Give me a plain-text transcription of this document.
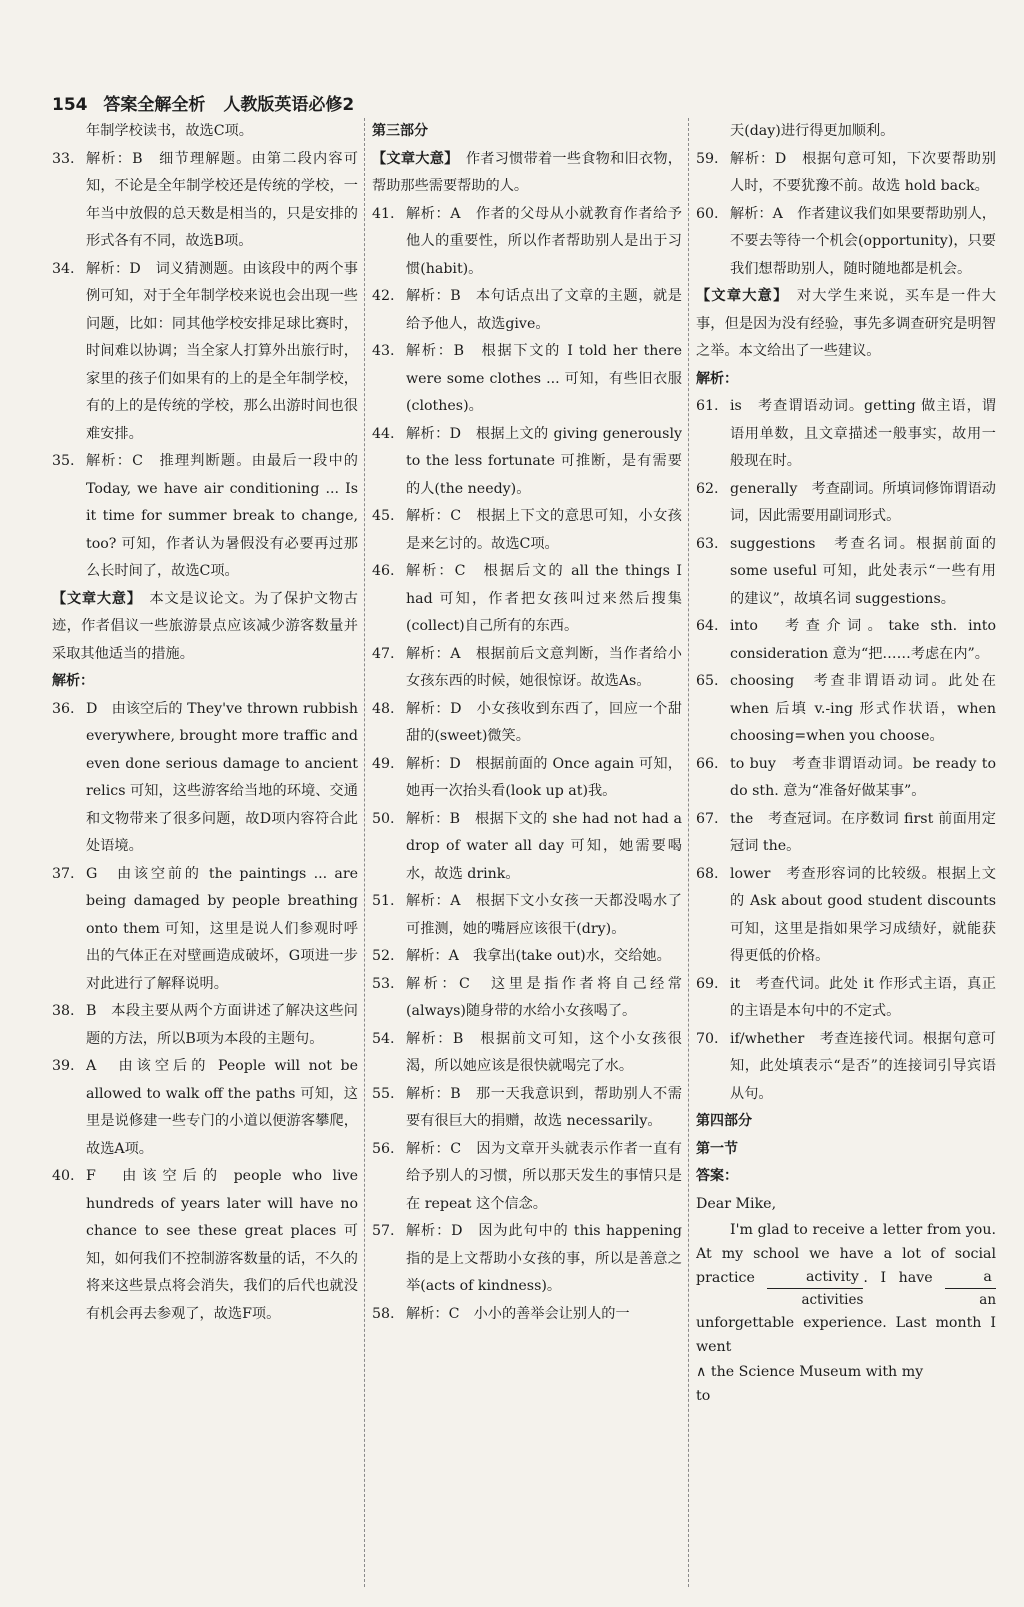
154 答案全解全析 人教版英语必修2

年制学校读书，故选C项。

33. 解析：B　细节理解题。由第二段内容可知，不论是全年制学校还是传统的学校，一年当中放假的总天数是相当的，只是安排的形式各有不同，故选B项。
34. 解析：D　词义猜测题。由该段中的两个事例可知，对于全年制学校来说也会出现一些问题，比如：同其他学校安排足球比赛时，时间难以协调；当全家人打算外出旅行时，家里的孩子们如果有的上的是全年制学校，有的上的是传统的学校，那么出游时间也很难安排。
35. 解析：C　推理判断题。由最后一段中的 Today, we have air conditioning ... Is it time for summer break to change, too? 可知，作者认为暑假没有必要再过那么长时间了，故选C项。

【文章大意】　本文是议论文。为了保护文物古迹，作者倡议一些旅游景点应该减少游客数量并采取其他适当的措施。

解析：

36. D　由该空后的 They've thrown rubbish everywhere, brought more traffic and even done serious damage to ancient relics 可知，这些游客给当地的环境、交通和文物带来了很多问题，故D项内容符合此处语境。
37. G　由该空前的 the paintings ... are being damaged by people breathing onto them 可知，这里是说人们参观时呼出的气体正在对壁画造成破坏，G项进一步对此进行了解释说明。
38. B　本段主要从两个方面讲述了解决这些问题的方法，所以B项为本段的主题句。
39. A　由该空后的 People will not be allowed to walk off the paths 可知，这里是说修建一些专门的小道以便游客攀爬，故选A项。
40. F　由该空后的 people who live hundreds of years later will have no chance to see these great places 可知，如何我们不控制游客数量的话，不久的将来这些景点将会消失，我们的后代也就没有机会再去参观了，故选F项。

第三部分

【文章大意】　作者习惯带着一些食物和旧衣物，帮助那些需要帮助的人。

41. 解析：A　作者的父母从小就教育作者给予他人的重要性，所以作者帮助别人是出于习惯(habit)。
42. 解析：B　本句话点出了文章的主题，就是给予他人，故选give。
43. 解析：B　根据下文的 I told her there were some clothes ... 可知，有些旧衣服(clothes)。
44. 解析：D　根据上文的 giving generously to the less fortunate 可推断，是有需要的人(the needy)。
45. 解析：C　根据上下文的意思可知，小女孩是来乞讨的。故选C项。
46. 解析：C　根据后文的 all the things I had 可知，作者把女孩叫过来然后搜集(collect)自己所有的东西。
47. 解析：A　根据前后文意判断，当作者给小女孩东西的时候，她很惊讶。故选As。
48. 解析：D　小女孩收到东西了，回应一个甜甜的(sweet)微笑。
49. 解析：D　根据前面的 Once again 可知，她再一次抬头看(look up at)我。
50. 解析：B　根据下文的 she had not had a drop of water all day 可知，她需要喝水，故选 drink。
51. 解析：A　根据下文小女孩一天都没喝水了可推测，她的嘴唇应该很干(dry)。
52. 解析：A　我拿出(take out)水，交给她。
53. 解析：C　这里是指作者将自己经常(always)随身带的水给小女孩喝了。
54. 解析：B　根据前文可知，这个小女孩很渴，所以她应该是很快就喝完了水。
55. 解析：B　那一天我意识到，帮助别人不需要有很巨大的捐赠，故选 necessarily。
56. 解析：C　因为文章开头就表示作者一直有给予别人的习惯，所以那天发生的事情只是在 repeat 这个信念。
57. 解析：D　因为此句中的 this happening 指的是上文帮助小女孩的事，所以是善意之举(acts of kindness)。
58. 解析：C　小小的善举会让别人的一

天(day)进行得更加顺利。

59. 解析：D　根据句意可知，下次要帮助别人时，不要犹豫不前。故选 hold back。
60. 解析：A　作者建议我们如果要帮助别人，不要去等待一个机会(opportunity)，只要我们想帮助别人，随时随地都是机会。

【文章大意】　对大学生来说，买车是一件大事，但是因为没有经验，事先多调查研究是明智之举。本文给出了一些建议。

解析：

61. is　考查谓语动词。getting 做主语，谓语用单数，且文章描述一般事实，故用一般现在时。
62. generally　考查副词。所填词修饰谓语动词，因此需要用副词形式。
63. suggestions　考查名词。根据前面的 some useful 可知，此处表示“一些有用的建议”，故填名词 suggestions。
64. into　考查介词。take sth. into consideration 意为“把……考虑在内”。
65. choosing　考查非谓语动词。此处在 when 后填 v.-ing 形式作状语，when choosing=when you choose。
66. to buy　考查非谓语动词。be ready to do sth. 意为“准备好做某事”。
67. the　考查冠词。在序数词 first 前面用定冠词 the。
68. lower　考查形容词的比较级。根据上文的 Ask about good student discounts 可知，这里是指如果学习成绩好，就能获得更低的价格。
69. it　考查代词。此处 it 作形式主语，真正的主语是本句中的不定式。
70. if/whether　考查连接代词。根据句意可知，此处填表示“是否”的连接词引导宾语从句。

第四部分

第一节

答案：

Dear Mike,

I'm glad to receive a letter from you. At my school we have a lot of social practice	activity
activities
. I have $\frac{a}{an}$
unforgettable experience. Last month I went

∧ the Science Museum with my

to
